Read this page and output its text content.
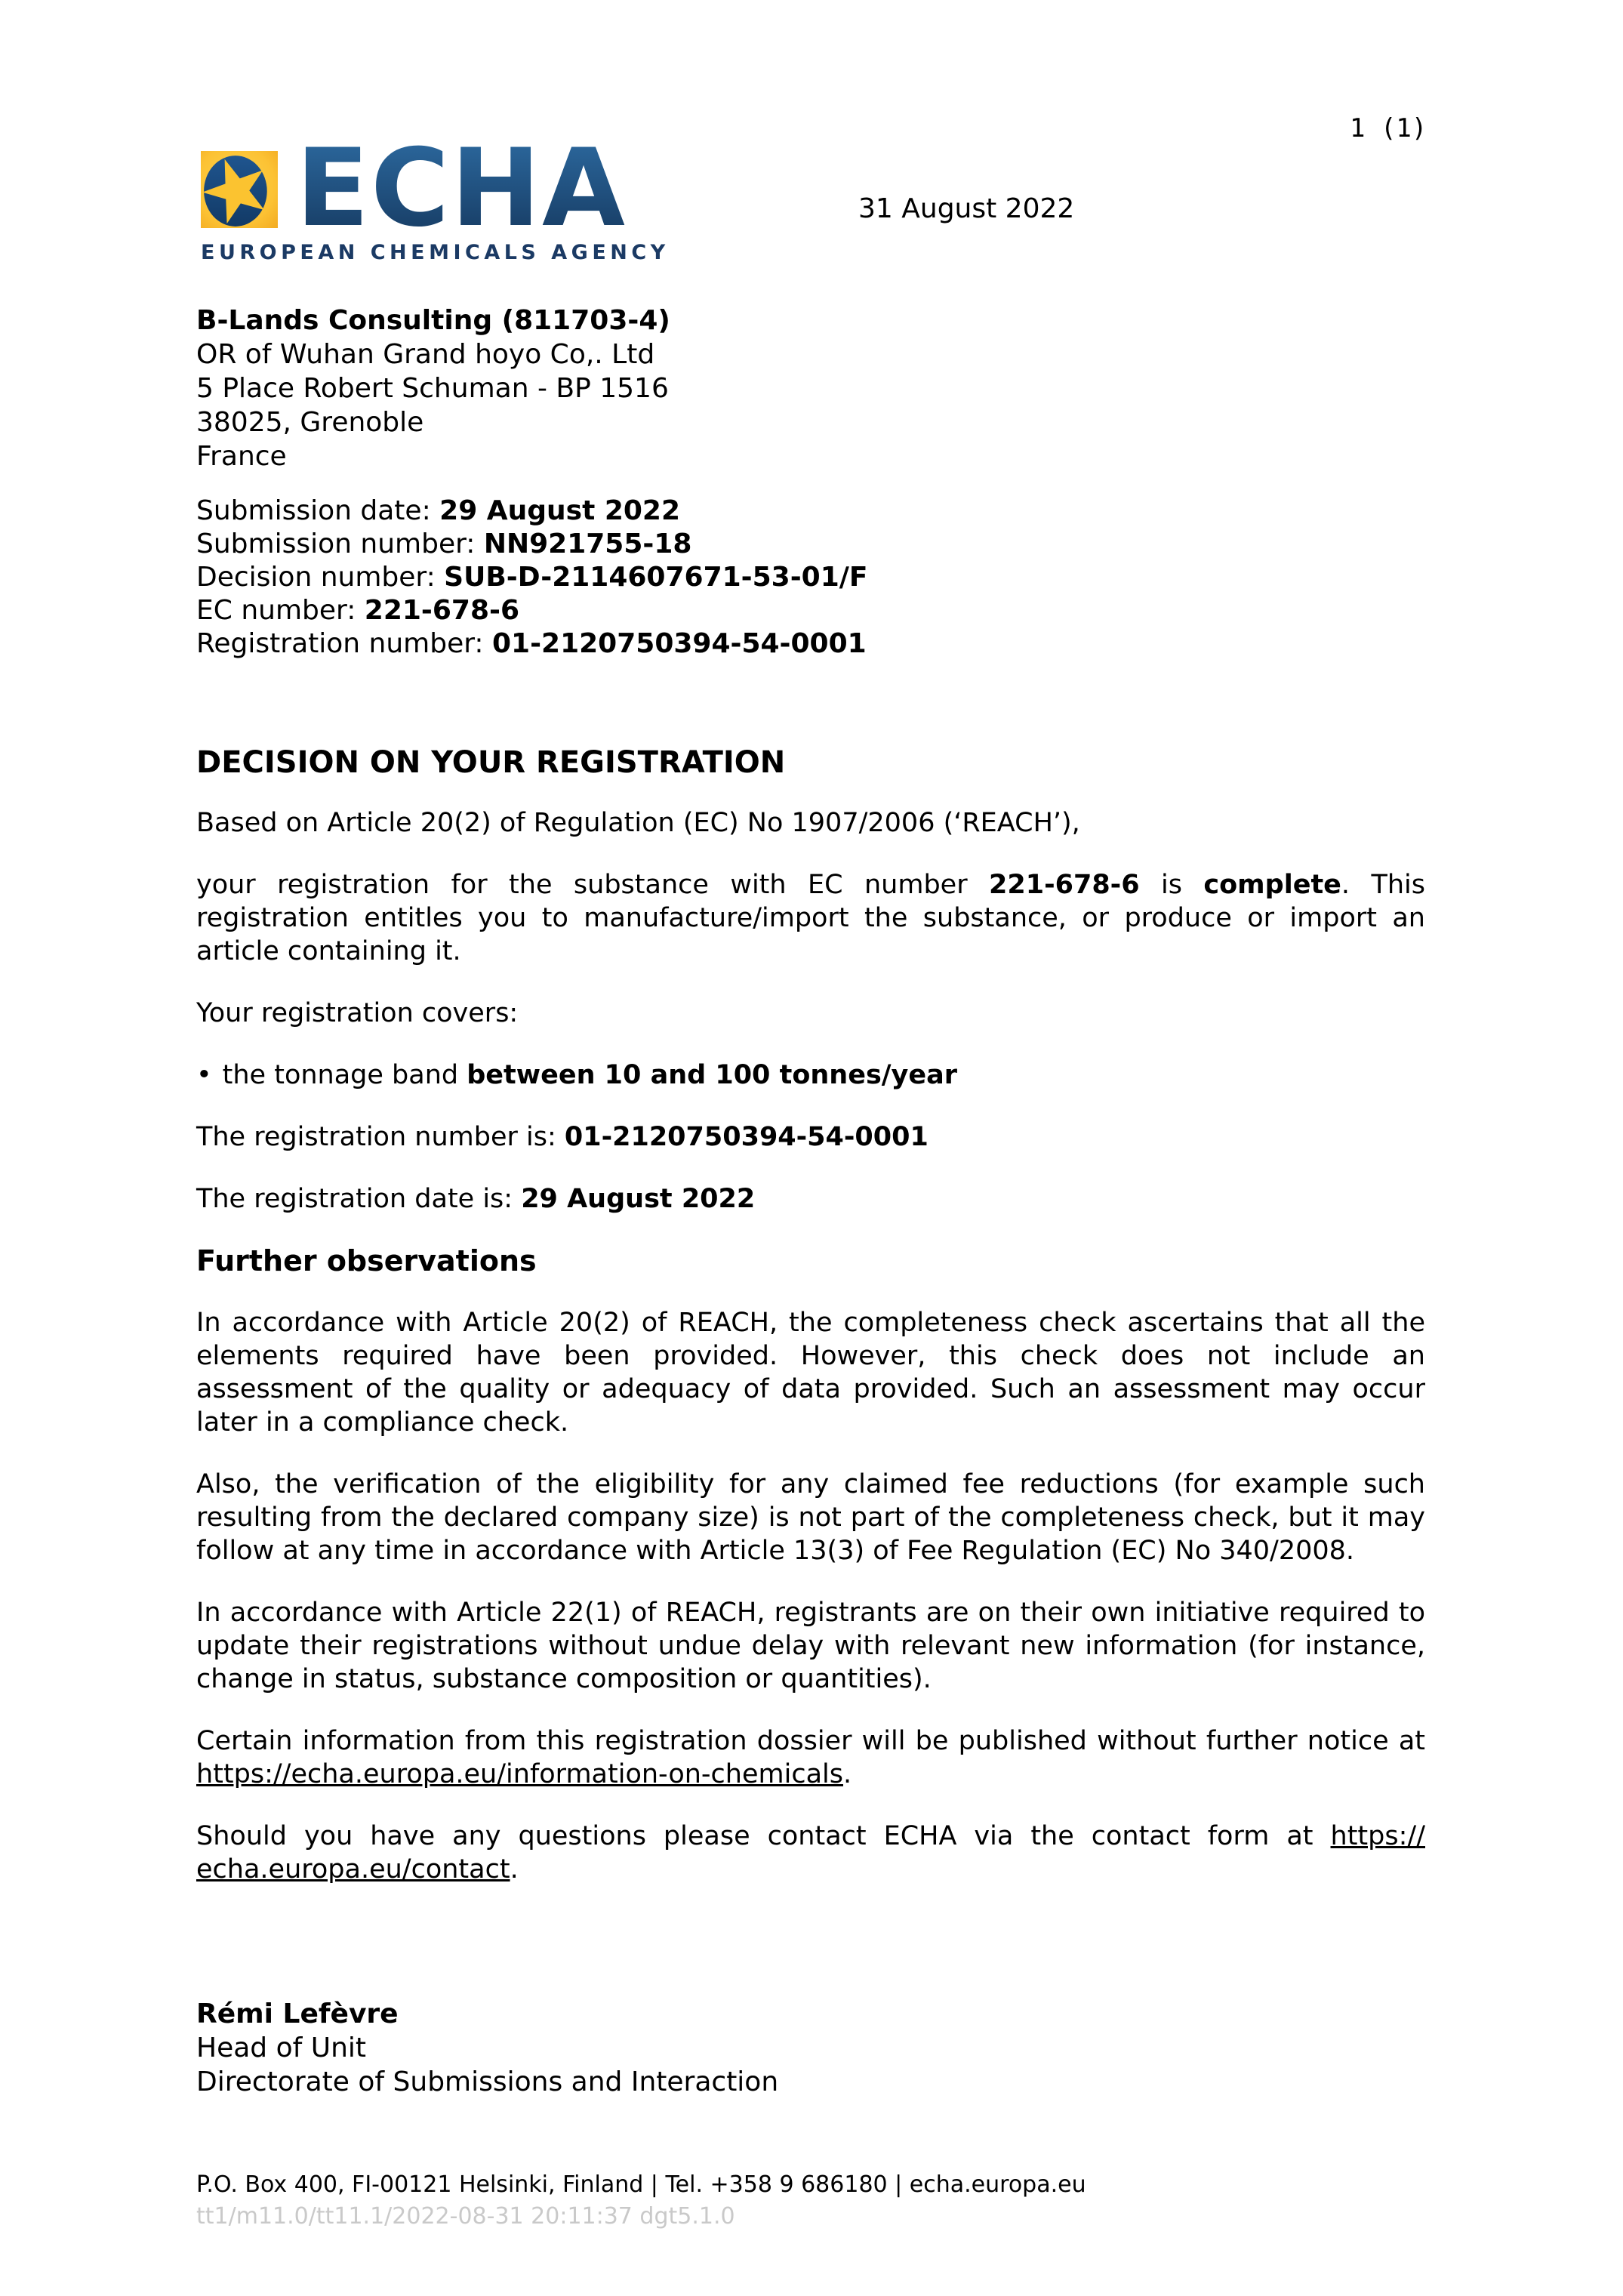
ECHA
EUROPEAN CHEMICALS AGENCY
1 (1)
31 August 2022
B-Lands Consulting (811703-4)
OR of Wuhan Grand hoyo Co,. Ltd
5 Place Robert Schuman - BP 1516
38025, Grenoble
France
Submission date: 29 August 2022
Submission number: NN921755-18
Decision number: SUB-D-2114607671-53-01/F
EC number: 221-678-6
Registration number: 01-2120750394-54-0001
DECISION ON YOUR REGISTRATION

Based on Article 20(2) of Regulation (EC) No 1907/2006 (‘REACH’),

your registration for the substance with EC number 221-678-6 is complete. This registration entitles you to manufacture/import the substance, or produce or import an article containing it.

Your registration covers:

• the tonnage band between 10 and 100 tonnes/year

The registration number is: 01-2120750394-54-0001

The registration date is: 29 August 2022

Further observations

In accordance with Article 20(2) of REACH, the completeness check ascertains that all the elements required have been provided. However, this check does not include an assessment of the quality or adequacy of data provided. Such an assessment may occur later in a compliance check.

Also, the verification of the eligibility for any claimed fee reductions (for example such resulting from the declared company size) is not part of the completeness check, but it may follow at any time in accordance with Article 13(3) of Fee Regulation (EC) No 340/2008.

In accordance with Article 22(1) of REACH, registrants are on their own initiative required to update their registrations without undue delay with relevant new information (for instance, change in status, substance composition or quantities).

Certain information from this registration dossier will be published without further notice at https://echa.europa.eu/information-on-chemicals.

Should you have any questions please contact ECHA via the contact form at https://echa.europa.eu/contact.

Rémi Lefèvre
Head of Unit
Directorate of Submissions and Interaction
P.O. Box 400, FI-00121 Helsinki, Finland | Tel. +358 9 686180 | echa.europa.eu
tt1/m11.0/tt11.1/2022-08-31 20:11:37 dgt5.1.0
